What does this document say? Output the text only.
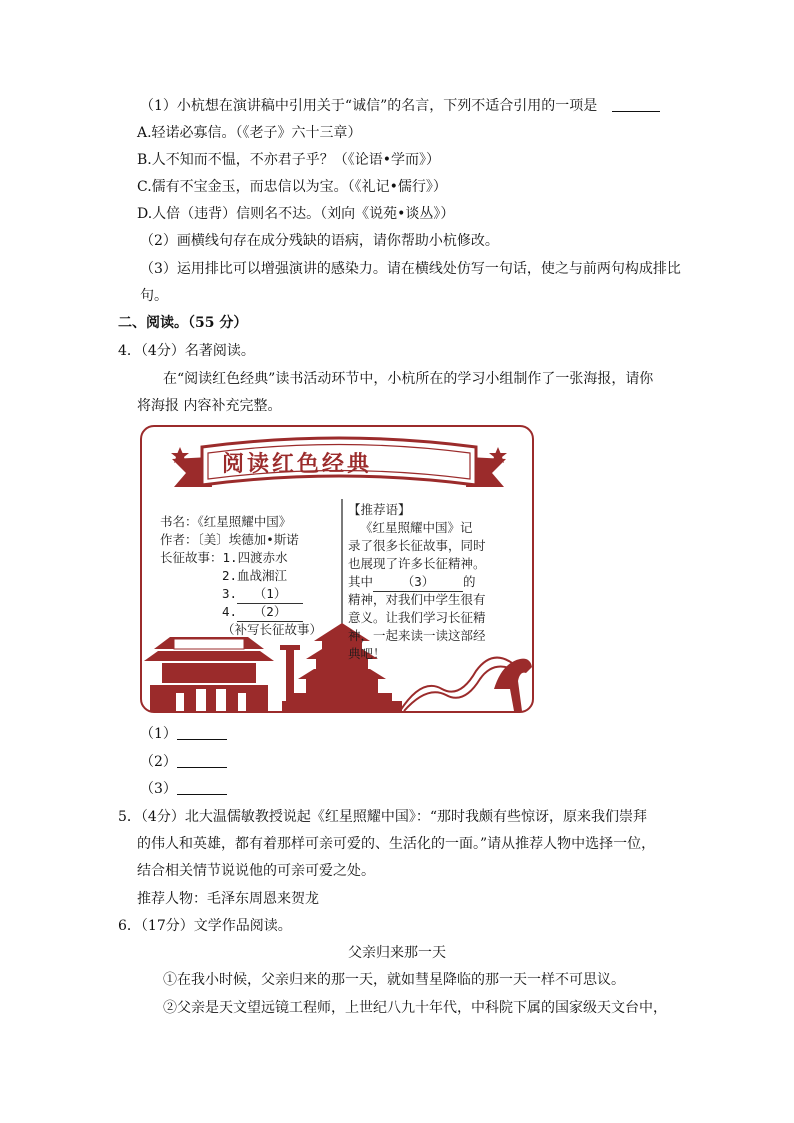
（1）小杭想在演讲稿中引用关于“诚信”的名言，下列不适合引用的一项是
A.轻诺必寡信。（《老子》六十三章）
B.人不知而不愠，不亦君子乎？（《论语•学而》）
C.儒有不宝金玉，而忠信以为宝。（《礼记•儒行》）
D.人倍（违背）信则名不达。（刘向《说苑•谈丛》）
（2）画横线句存在成分残缺的语病，请你帮助小杭修改。
（3）运用排比可以增强演讲的感染力。请在横线处仿写一句话，使之与前两句构成排比
句。
二、阅读。（55 分）
4．（4分）名著阅读。
在“阅读红色经典”读书活动环节中，小杭所在的学习小组制作了一张海报，请你
将海报 内容补充完整。
阅读红色经典
书名：《红星照耀中国》
作者：〔美〕埃德加•斯诺
长征故事：1.四渡赤水
2.血战湘江
3. （1）
4. （2）
（补写长征故事）
【推荐语】
《红星照耀中国》记
录了很多长征故事，同时
也展现了许多长征精神。
其中 （3） 的
精神，对我们中学生很有
意义。让我们学习长征精
神，一起来读一读这部经
典吧！
（1）
（2）
（3）
5．（4分）北大温儒敏教授说起《红星照耀中国》：“那时我颇有些惊讶，原来我们崇拜
的伟人和英雄，都有着那样可亲可爱的、生活化的一面。”请从推荐人物中选择一位，
结合相关情节说说他的可亲可爱之处。
推荐人物：毛泽东周恩来贺龙
6．（17分）文学作品阅读。
父亲归来那一天
①在我小时候，父亲归来的那一天，就如彗星降临的那一天一样不可思议。
②父亲是天文望远镜工程师，上世纪八九十年代，中科院下属的国家级天文台中，
